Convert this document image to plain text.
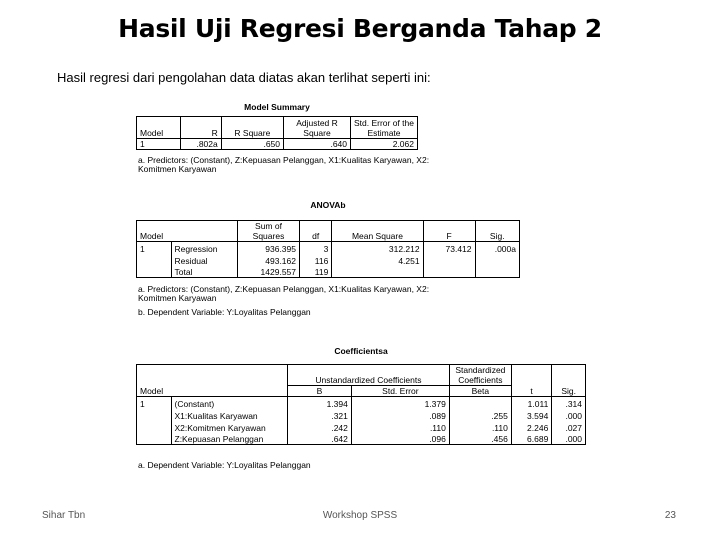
Hasil Uji Regresi Berganda Tahap 2
Hasil regresi dari pengolahan data diatas akan terlihat seperti ini:
Model Summary
Model	R	R Square	Adjusted R Square	Std. Error of the Estimate
1	.802a	.650	.640	2.062
a. Predictors: (Constant), Z:Kepuasan Pelanggan, X1:Kualitas Karyawan, X2:
Komitmen Karyawan
ANOVAb
Model		Sum of Squares	df	Mean Square	F	Sig.
1	Regression	936.395	3	312.212	73.412	.000a
	Residual	493.162	116	4.251		
	Total	1429.557	119			
a. Predictors: (Constant), Z:Kepuasan Pelanggan, X1:Kualitas Karyawan, X2:
Komitmen Karyawan
b. Dependent Variable: Y:Loyalitas Pelanggan
Coefficientsa
		Unstandardized Coefficients		Standardized Coefficients		
Model		B	Std. Error	Beta	t	Sig.
1	(Constant)	1.394	1.379		1.011	.314
	X1:Kualitas Karyawan	.321	.089	.255	3.594	.000
	X2:Komitmen Karyawan	.242	.110	.110	2.246	.027
	Z:Kepuasan Pelanggan	.642	.096	.456	6.689	.000
a. Dependent Variable: Y:Loyalitas Pelanggan
Sihar Tbn	Workshop SPSS	23
